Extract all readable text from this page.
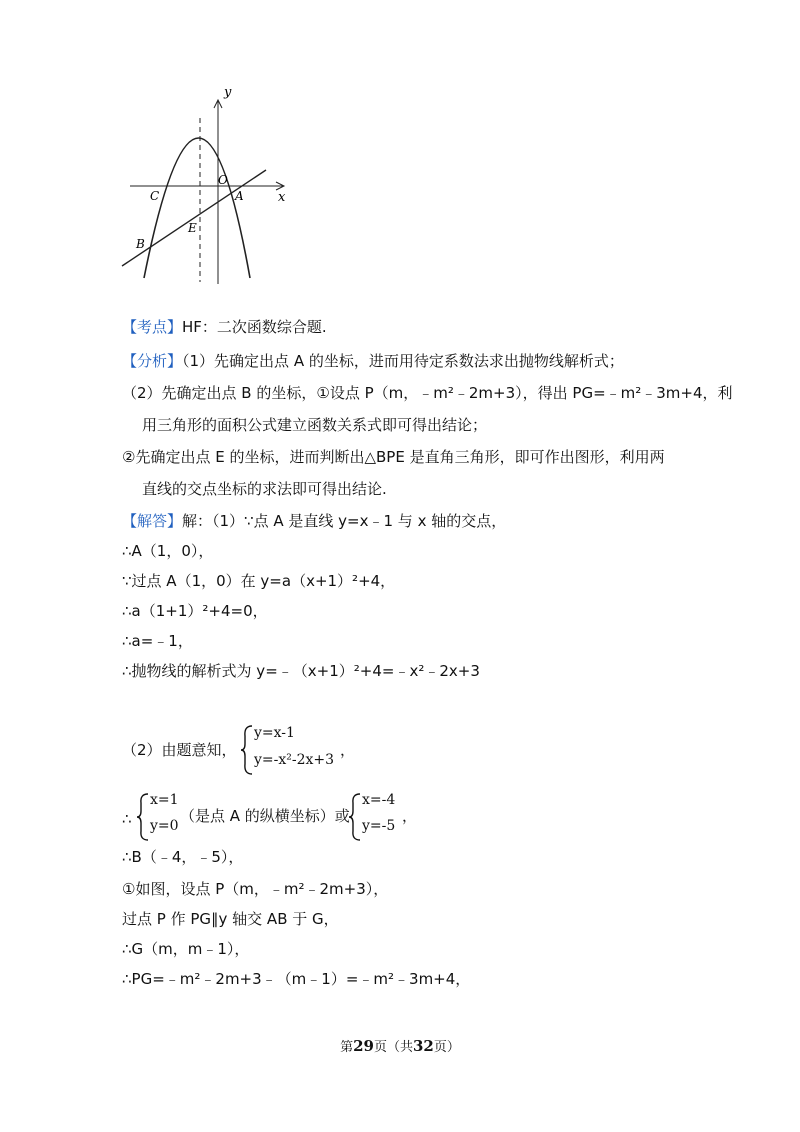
y
x
O
A
C
B
E
【考点】HF：二次函数综合题.
【分析】（1）先确定出点 A 的坐标，进而用待定系数法求出抛物线解析式；
（2）先确定出点 B 的坐标，①设点 P（m，﹣m²﹣2m+3），得出 PG=﹣m²﹣3m+4，利
用三角形的面积公式建立函数关系式即可得出结论；
②先确定出点 E 的坐标，进而判断出△BPE 是直角三角形，即可作出图形，利用两
直线的交点坐标的求法即可得出结论.
【解答】解：（1）∵点 A 是直线 y=x﹣1 与 x 轴的交点，
∴A（1，0），
∵过点 A（1，0）在 y=a（x+1）²+4，
∴a（1+1）²+4=0，
∴a=﹣1，
∴抛物线的解析式为 y=﹣（x+1）²+4=﹣x²﹣2x+3
（2）由题意知，
y=x-1
y=-x²-2x+3
，
∴
x=1
y=0
（是点 A 的纵横坐标）或
x=-4
y=-5
，
∴B（﹣4，﹣5），
①如图，设点 P（m，﹣m²﹣2m+3），
过点 P 作 PG∥y 轴交 AB 于 G，
∴G（m，m﹣1），
∴PG=﹣m²﹣2m+3﹣（m﹣1）=﹣m²﹣3m+4，
第29页（共32页）
